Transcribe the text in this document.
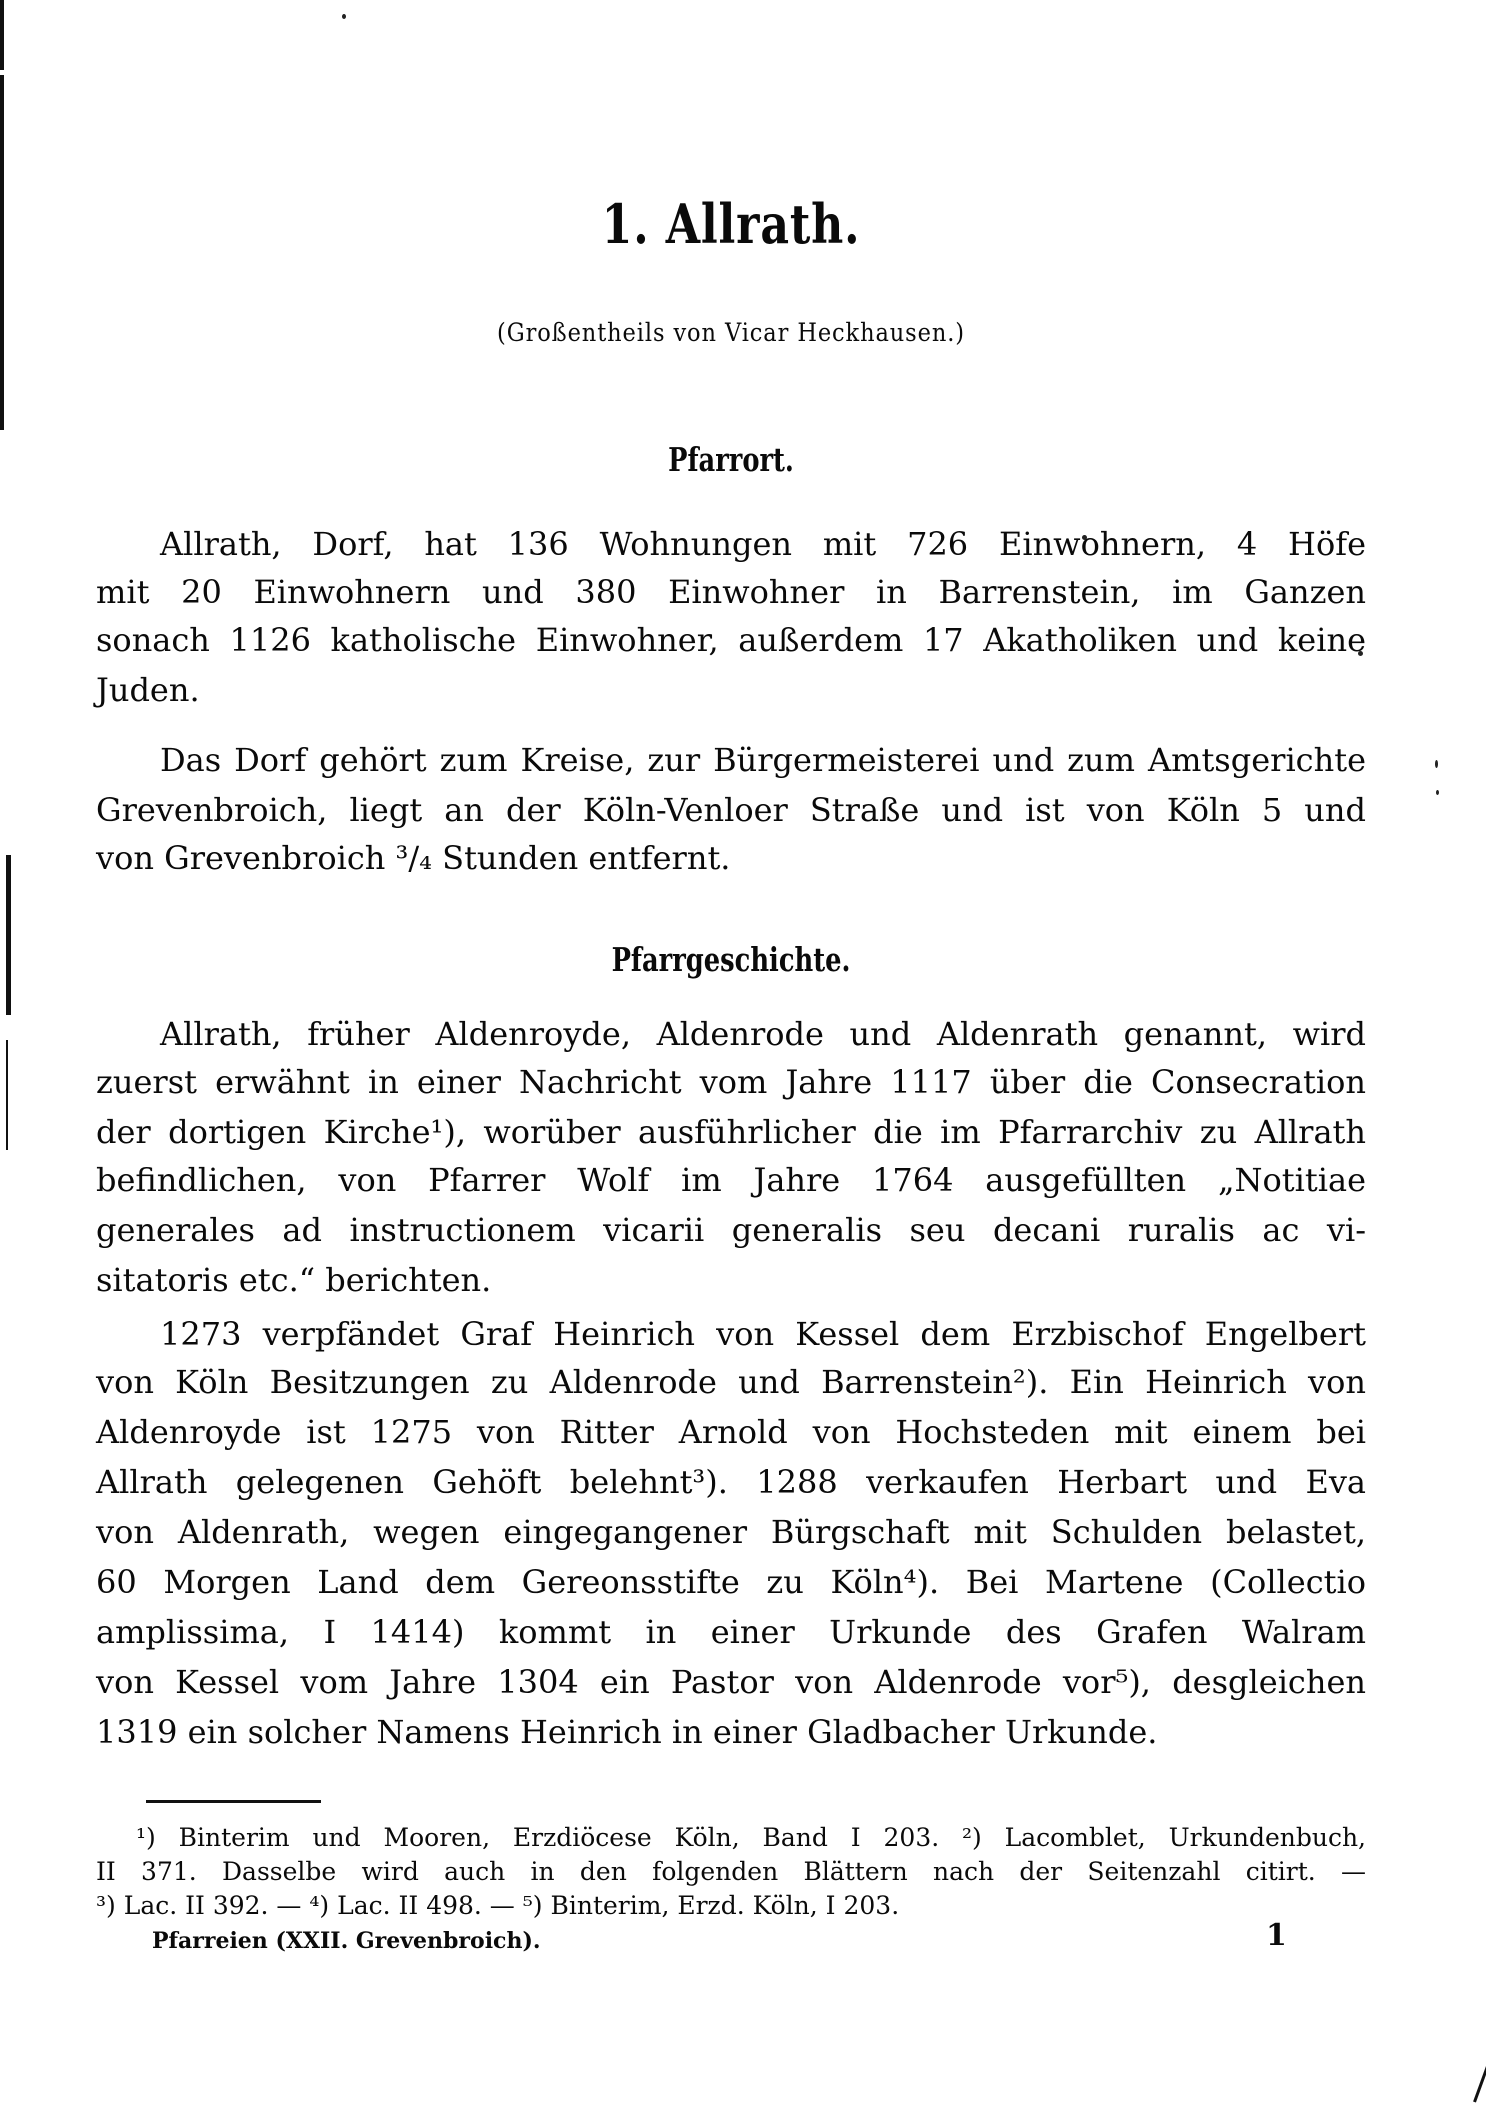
1. Allrath.
(Großentheils von Vicar Heckhausen.)
Pfarrort.
Allrath, Dorf, hat 136 Wohnungen mit 726 Einwohnern, 4 Höfe
mit 20 Einwohnern und 380 Einwohner in Barrenstein, im Ganzen
sonach 1126 katholische Einwohner, außerdem 17 Akatholiken und keine
Juden.
Das Dorf gehört zum Kreise, zur Bürgermeisterei und zum Amtsgerichte
Grevenbroich, liegt an der Köln-Venloer Straße und ist von Köln 5 und
von Grevenbroich ³/₄ Stunden entfernt.
Pfarrgeschichte.
Allrath, früher Aldenroyde, Aldenrode und Aldenrath genannt, wird
zuerst erwähnt in einer Nachricht vom Jahre 1117 über die Consecration
der dortigen Kirche¹), worüber ausführlicher die im Pfarrarchiv zu Allrath
befindlichen, von Pfarrer Wolf im Jahre 1764 ausgefüllten „Notitiae
generales ad instructionem vicarii generalis seu decani ruralis ac vi-
sitatoris etc.“ berichten.
1273 verpfändet Graf Heinrich von Kessel dem Erzbischof Engelbert
von Köln Besitzungen zu Aldenrode und Barrenstein²). Ein Heinrich von
Aldenroyde ist 1275 von Ritter Arnold von Hochsteden mit einem bei
Allrath gelegenen Gehöft belehnt³). 1288 verkaufen Herbart und Eva
von Aldenrath, wegen eingegangener Bürgschaft mit Schulden belastet,
60 Morgen Land dem Gereonsstifte zu Köln⁴). Bei Martene (Collectio
amplissima, I 1414) kommt in einer Urkunde des Grafen Walram
von Kessel vom Jahre 1304 ein Pastor von Aldenrode vor⁵), desgleichen
1319 ein solcher Namens Heinrich in einer Gladbacher Urkunde.
¹) Binterim und Mooren, Erzdiöcese Köln, Band I 203. ²) Lacomblet, Urkundenbuch,
II 371. Dasselbe wird auch in den folgenden Blättern nach der Seitenzahl citirt. —
³) Lac. II 392. — ⁴) Lac. II 498. — ⁵) Binterim, Erzd. Köln, I 203.
Pfarreien (XXII. Grevenbroich).	1
